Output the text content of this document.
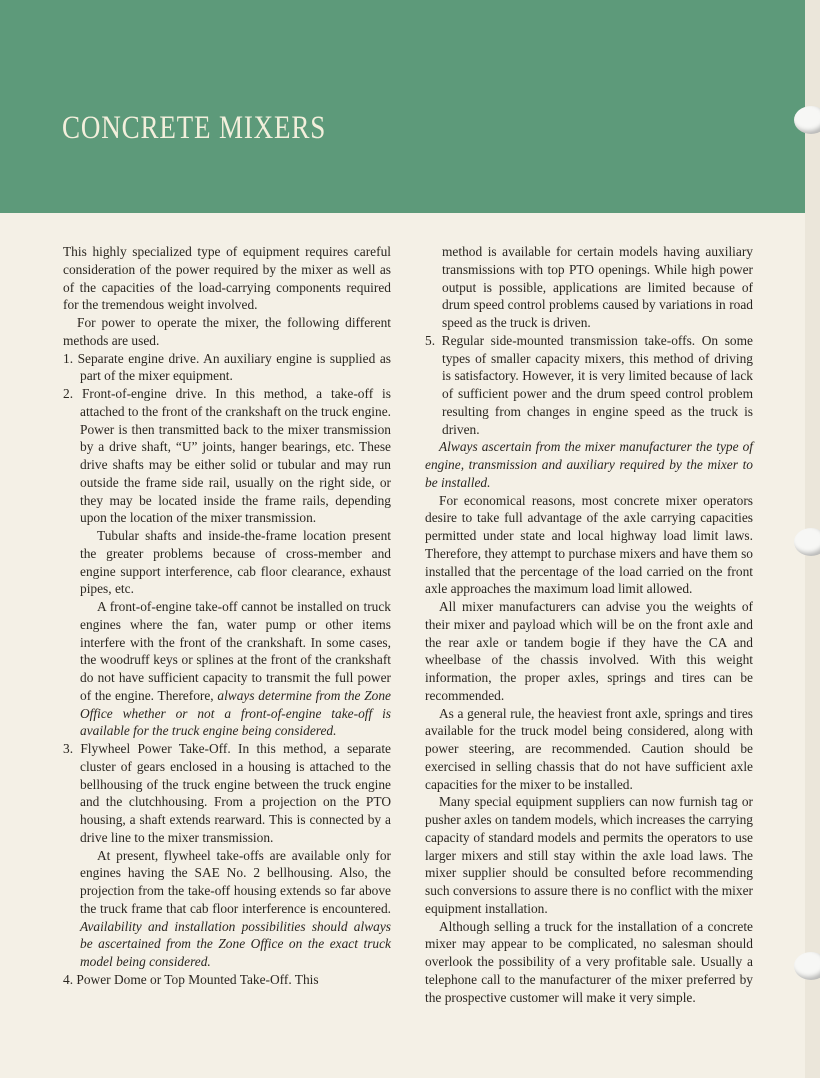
CONCRETE MIXERS

This highly specialized type of equipment requires careful consideration of the power required by the mixer as well as of the capacities of the load-carrying components required for the tremendous weight involved.

For power to operate the mixer, the following different methods are used.

1. Separate engine drive. An auxiliary engine is supplied as part of the mixer equipment.

2. Front-of-engine drive. In this method, a take-off is attached to the front of the crankshaft on the truck engine. Power is then transmitted back to the mixer transmission by a drive shaft, “U” joints, hanger bearings, etc. These drive shafts may be either solid or tubular and may run outside the frame side rail, usually on the right side, or they may be located inside the frame rails, depending upon the location of the mixer transmission.

Tubular shafts and inside-the-frame location present the greater problems because of cross-member and engine support interference, cab floor clearance, exhaust pipes, etc.

A front-of-engine take-off cannot be installed on truck engines where the fan, water pump or other items interfere with the front of the crankshaft. In some cases, the woodruff keys or splines at the front of the crankshaft do not have sufficient capacity to transmit the full power of the engine. Therefore, always determine from the Zone Office whether or not a front-of-engine take-off is available for the truck engine being considered.

3. Flywheel Power Take-Off. In this method, a separate cluster of gears enclosed in a housing is attached to the bellhousing of the truck engine between the truck engine and the clutchhousing. From a projection on the PTO housing, a shaft extends rearward. This is connected by a drive line to the mixer transmission.

At present, flywheel take-offs are available only for engines having the SAE No. 2 bellhousing. Also, the projection from the take-off housing extends so far above the truck frame that cab floor interference is encountered. Availability and installation possibilities should always be ascertained from the Zone Office on the exact truck model being considered.

4. Power Dome or Top Mounted Take-Off. This

method is available for certain models having auxiliary transmissions with top PTO openings. While high power output is possible, applications are limited because of drum speed control problems caused by variations in road speed as the truck is driven.

5. Regular side-mounted transmission take-offs. On some types of smaller capacity mixers, this method of driving is satisfactory. However, it is very limited because of lack of sufficient power and the drum speed control problem resulting from changes in engine speed as the truck is driven.

Always ascertain from the mixer manufacturer the type of engine, transmission and auxiliary required by the mixer to be installed.

For economical reasons, most concrete mixer operators desire to take full advantage of the axle carrying capacities permitted under state and local highway load limit laws. Therefore, they attempt to purchase mixers and have them so installed that the percentage of the load carried on the front axle approaches the maximum load limit allowed.

All mixer manufacturers can advise you the weights of their mixer and payload which will be on the front axle and the rear axle or tandem bogie if they have the CA and wheelbase of the chassis involved. With this weight information, the proper axles, springs and tires can be recommended.

As a general rule, the heaviest front axle, springs and tires available for the truck model being considered, along with power steering, are recommended. Caution should be exercised in selling chassis that do not have sufficient axle capacities for the mixer to be installed.

Many special equipment suppliers can now furnish tag or pusher axles on tandem models, which increases the carrying capacity of standard models and permits the operators to use larger mixers and still stay within the axle load laws. The mixer supplier should be consulted before recommending such conversions to assure there is no conflict with the mixer equipment installation.

Although selling a truck for the installation of a concrete mixer may appear to be complicated, no salesman should overlook the possibility of a very profitable sale. Usually a telephone call to the manufacturer of the mixer preferred by the prospective customer will make it very simple.
